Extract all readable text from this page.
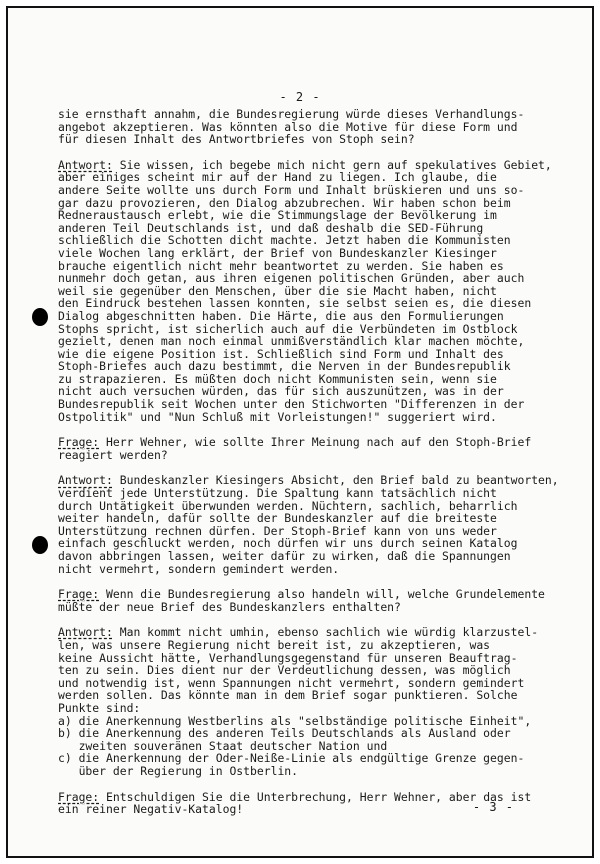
- 2 -
sie ernsthaft annahm, die Bundesregierung würde dieses Verhandlungs-
angebot akzeptieren. Was könnten also die Motive für diese Form und
für diesen Inhalt des Antwortbriefes von Stoph sein?
Antwort: Sie wissen, ich begebe mich nicht gern auf spekulatives Gebiet,
aber einiges scheint mir auf der Hand zu liegen. Ich glaube, die
andere Seite wollte uns durch Form und Inhalt brüskieren und uns so-
gar dazu provozieren, den Dialog abzubrechen. Wir haben schon beim
Redneraustausch erlebt, wie die Stimmungslage der Bevölkerung im
anderen Teil Deutschlands ist, und daß deshalb die SED-Führung
schließlich die Schotten dicht machte. Jetzt haben die Kommunisten
viele Wochen lang erklärt, der Brief von Bundeskanzler Kiesinger
brauche eigentlich nicht mehr beantwortet zu werden. Sie haben es
nunmehr doch getan, aus ihren eigenen politischen Gründen, aber auch
weil sie gegenüber den Menschen, über die sie Macht haben, nicht
den Eindruck bestehen lassen konnten, sie selbst seien es, die diesen
Dialog abgeschnitten haben. Die Härte, die aus den Formulierungen
Stophs spricht, ist sicherlich auch auf die Verbündeten im Ostblock
gezielt, denen man noch einmal unmißverständlich klar machen möchte,
wie die eigene Position ist. Schließlich sind Form und Inhalt des
Stoph-Briefes auch dazu bestimmt, die Nerven in der Bundesrepublik
zu strapazieren. Es müßten doch nicht Kommunisten sein, wenn sie
nicht auch versuchen würden, das für sich auszunützen, was in der
Bundesrepublik seit Wochen unter den Stichworten "Differenzen in der
Ostpolitik" und "Nun Schluß mit Vorleistungen!" suggeriert wird.
Frage: Herr Wehner, wie sollte Ihrer Meinung nach auf den Stoph-Brief
reagiert werden?
Antwort: Bundeskanzler Kiesingers Absicht, den Brief bald zu beantworten,
verdient jede Unterstützung. Die Spaltung kann tatsächlich nicht
durch Untätigkeit überwunden werden. Nüchtern, sachlich, beharrlich
weiter handeln, dafür sollte der Bundeskanzler auf die breiteste
Unterstützung rechnen dürfen. Der Stoph-Brief kann von uns weder
einfach geschluckt werden, noch dürfen wir uns durch seinen Katalog
davon abbringen lassen, weiter dafür zu wirken, daß die Spannungen
nicht vermehrt, sondern gemindert werden.
Frage: Wenn die Bundesregierung also handeln will, welche Grundelemente
müßte der neue Brief des Bundeskanzlers enthalten?
Antwort: Man kommt nicht umhin, ebenso sachlich wie würdig klarzustel-
len, was unsere Regierung nicht bereit ist, zu akzeptieren, was
keine Aussicht hätte, Verhandlungsgegenstand für unseren Beauftrag-
ten zu sein. Dies dient nur der Verdeutlichung dessen, was möglich
und notwendig ist, wenn Spannungen nicht vermehrt, sondern gemindert
werden sollen. Das könnte man in dem Brief sogar punktieren. Solche
Punkte sind:
a) die Anerkennung Westberlins als "selbständige politische Einheit",
b) die Anerkennung des anderen Teils Deutschlands als Ausland oder
zweiten souveränen Staat deutscher Nation und
c) die Anerkennung der Oder-Neiße-Linie als endgültige Grenze gegen-
über der Regierung in Ostberlin.
Frage: Entschuldigen Sie die Unterbrechung, Herr Wehner, aber das ist
ein reiner Negativ-Katalog!	- 3 -
